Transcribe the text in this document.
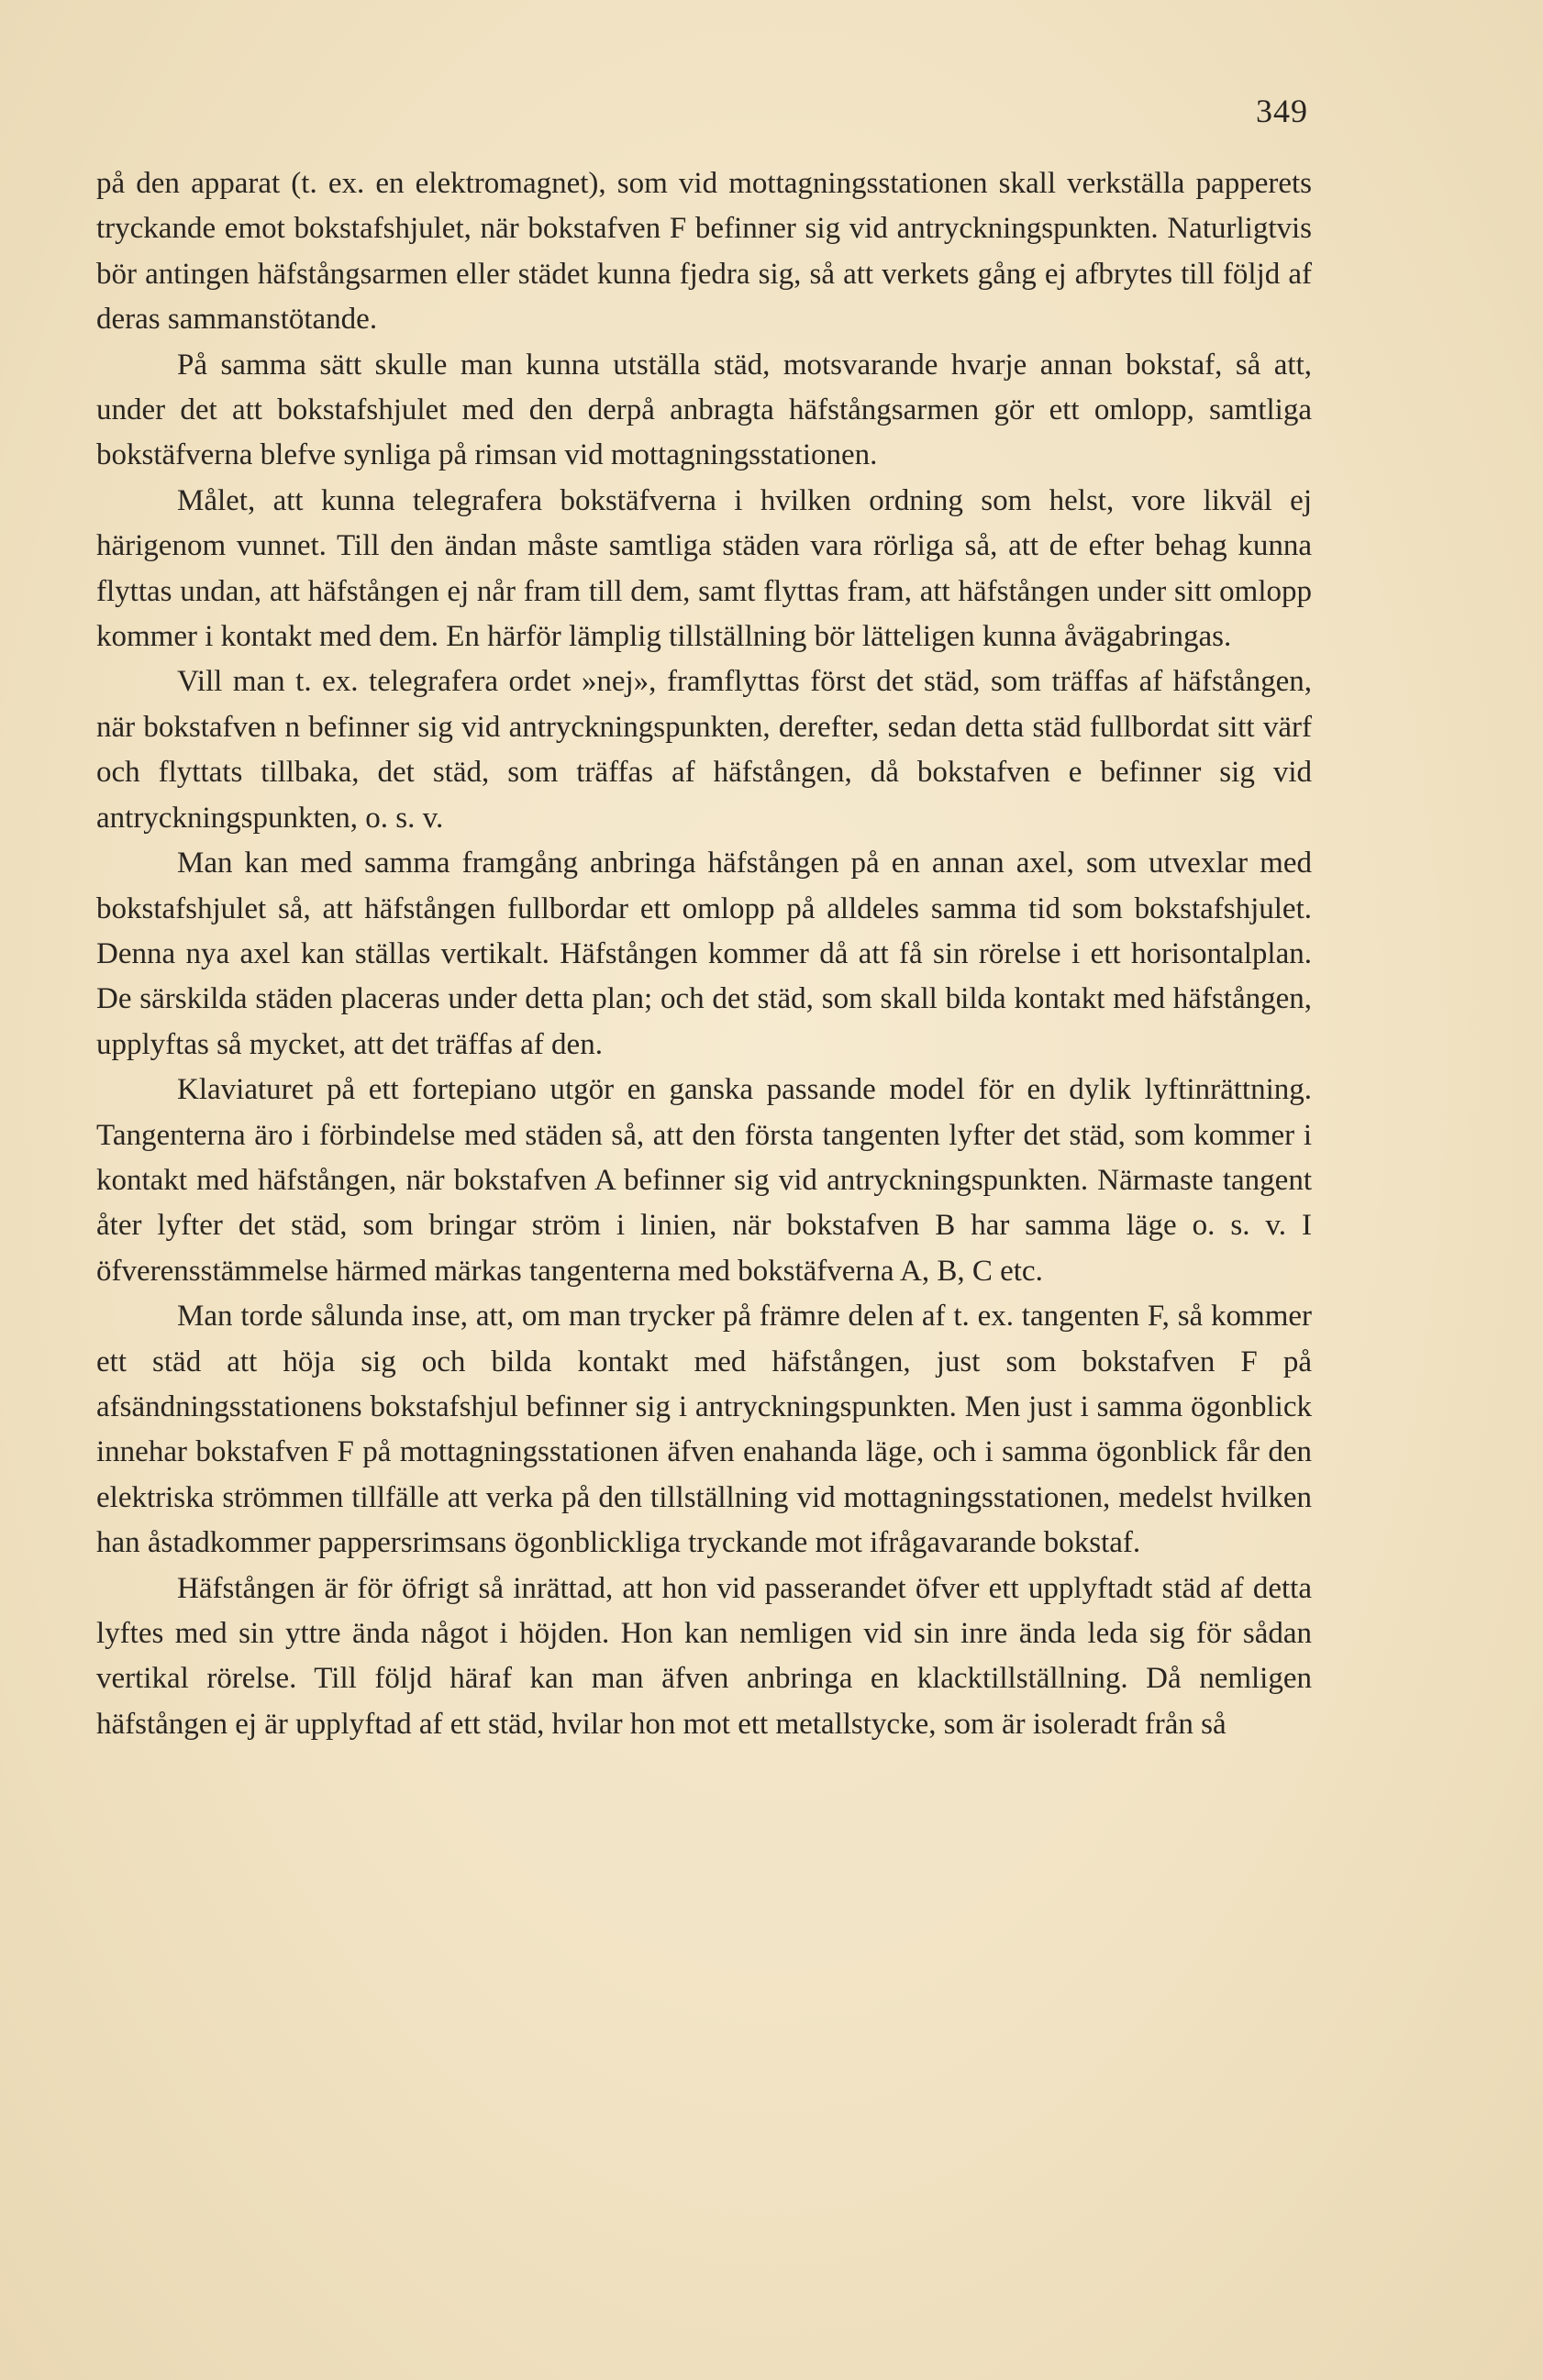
349

på den apparat (t. ex. en elektromagnet), som vid mottagningsstationen skall verkställa papperets tryckande emot bokstafshjulet, när bokstafven F befinner sig vid antryckningspunkten. Naturligtvis bör antingen häfstångsarmen eller städet kunna fjedra sig, så att verkets gång ej afbrytes till följd af deras sammanstötande.

På samma sätt skulle man kunna utställa städ, motsvarande hvarje annan bokstaf, så att, under det att bokstafshjulet med den derpå anbragta häfstångsarmen gör ett omlopp, samtliga bokstäfverna blefve synliga på rimsan vid mottagningsstationen.

Målet, att kunna telegrafera bokstäfverna i hvilken ordning som helst, vore likväl ej härigenom vunnet. Till den ändan måste samtliga städen vara rörliga så, att de efter behag kunna flyttas undan, att häfstången ej når fram till dem, samt flyttas fram, att häfstången under sitt omlopp kommer i kontakt med dem. En härför lämplig tillställning bör lätteligen kunna åvägabringas.

Vill man t. ex. telegrafera ordet »nej», framflyttas först det städ, som träffas af häfstången, när bokstafven n befinner sig vid antryckningspunkten, derefter, sedan detta städ fullbordat sitt värf och flyttats tillbaka, det städ, som träffas af häfstången, då bokstafven e befinner sig vid antryckningspunkten, o. s. v.

Man kan med samma framgång anbringa häfstången på en annan axel, som utvexlar med bokstafshjulet så, att häfstången fullbordar ett omlopp på alldeles samma tid som bokstafshjulet. Denna nya axel kan ställas vertikalt. Häfstången kommer då att få sin rörelse i ett horisontalplan. De särskilda städen placeras under detta plan; och det städ, som skall bilda kontakt med häfstången, upplyftas så mycket, att det träffas af den.

Klaviaturet på ett fortepiano utgör en ganska passande model för en dylik lyftinrättning. Tangenterna äro i förbindelse med städen så, att den första tangenten lyfter det städ, som kommer i kontakt med häfstången, när bokstafven A befinner sig vid antryckningspunkten. Närmaste tangent åter lyfter det städ, som bringar ström i linien, när bokstafven B har samma läge o. s. v. I öfverensstämmelse härmed märkas tangenterna med bokstäfverna A, B, C etc.

Man torde sålunda inse, att, om man trycker på främre delen af t. ex. tangenten F, så kommer ett städ att höja sig och bilda kontakt med häfstången, just som bokstafven F på afsändningsstationens bokstafshjul befinner sig i antryckningspunkten. Men just i samma ögonblick innehar bokstafven F på mottagningsstationen äfven enahanda läge, och i samma ögonblick får den elektriska strömmen tillfälle att verka på den tillställning vid mottagningsstationen, medelst hvilken han åstadkommer pappersrimsans ögonblickliga tryckande mot ifrågavarande bokstaf.

Häfstången är för öfrigt så inrättad, att hon vid passerandet öfver ett upplyftadt städ af detta lyftes med sin yttre ända något i höjden. Hon kan nemligen vid sin inre ända leda sig för sådan vertikal rörelse. Till följd häraf kan man äfven anbringa en klacktillställning. Då nemligen häfstången ej är upplyftad af ett städ, hvilar hon mot ett metallstycke, som är isoleradt från så
